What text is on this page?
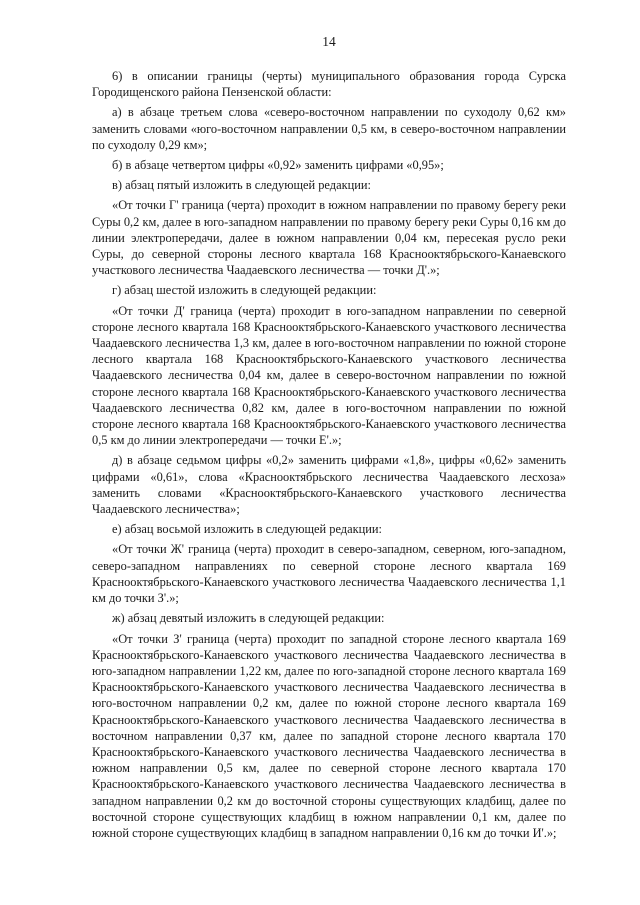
14

6) в описании границы (черты) муниципального образования города Сурска Городищенского района Пензенской области:

а) в абзаце третьем слова «северо-восточном направлении по суходолу 0,62 км» заменить словами «юго-восточном направлении 0,5 км, в северо-восточном направлении по суходолу 0,29 км»;

б) в абзаце четвертом цифры «0,92» заменить цифрами «0,95»;

в) абзац пятый изложить в следующей редакции:

«От точки Г' граница (черта) проходит в южном направлении по правому берегу реки Суры 0,2 км, далее в юго-западном направлении по правому берегу реки Суры 0,16 км до линии электропередачи, далее в южном направлении 0,04 км, пересекая русло реки Суры, до северной стороны лесного квартала 168 Краснооктябрьского-Канаевского участкового лесничества Чаадаевского лесничества — точки Д'.»;

г) абзац шестой изложить в следующей редакции:

«От точки Д' граница (черта) проходит в юго-западном направлении по северной стороне лесного квартала 168 Краснооктябрьского-Канаевского участкового лесничества Чаадаевского лесничества 1,3 км, далее в юго-восточном направлении по южной стороне лесного квартала 168 Краснооктябрьского-Канаевского участкового лесничества Чаадаевского лесничества 0,04 км, далее в северо-восточном направлении по южной стороне лесного квартала 168 Краснооктябрьского-Канаевского участкового лесничества Чаадаевского лесничества 0,82 км, далее в юго-восточном направлении по южной стороне лесного квартала 168 Краснооктябрьского-Канаевского участкового лесничества 0,5 км до линии электропередачи — точки Е'.»;

д) в абзаце седьмом цифры «0,2» заменить цифрами «1,8», цифры «0,62» заменить цифрами «0,61», слова «Краснооктябрьского лесничества Чаадаевского лесхоза» заменить словами «Краснооктябрьского-Канаевского участкового лесничества Чаадаевского лесничества»;

е) абзац восьмой изложить в следующей редакции:

«От точки Ж' граница (черта) проходит в северо-западном, северном, юго-западном, северо-западном направлениях по северной стороне лесного квартала 169 Краснооктябрьского-Канаевского участкового лесничества Чаадаевского лесничества 1,1 км до точки З'.»;

ж) абзац девятый изложить в следующей редакции:

«От точки З' граница (черта) проходит по западной стороне лесного квартала 169 Краснооктябрьского-Канаевского участкового лесничества Чаадаевского лесничества в юго-западном направлении 1,22 км, далее по юго-западной стороне лесного квартала 169 Краснооктябрьского-Канаевского участкового лесничества Чаадаевского лесничества в юго-восточном направлении 0,2 км, далее по южной стороне лесного квартала 169 Краснооктябрьского-Канаевского участкового лесничества Чаадаевского лесничества в восточном направлении 0,37 км, далее по западной стороне лесного квартала 170 Краснооктябрьского-Канаевского участкового лесничества Чаадаевского лесничества в южном направлении 0,5 км, далее по северной стороне лесного квартала 170 Краснооктябрьского-Канаевского участкового лесничества Чаадаевского лесничества в западном направлении 0,2 км до восточной стороны существующих кладбищ, далее по восточной стороне существующих кладбищ в южном направлении 0,1 км, далее по южной стороне существующих кладбищ в западном направлении 0,16 км до точки И'.»;
